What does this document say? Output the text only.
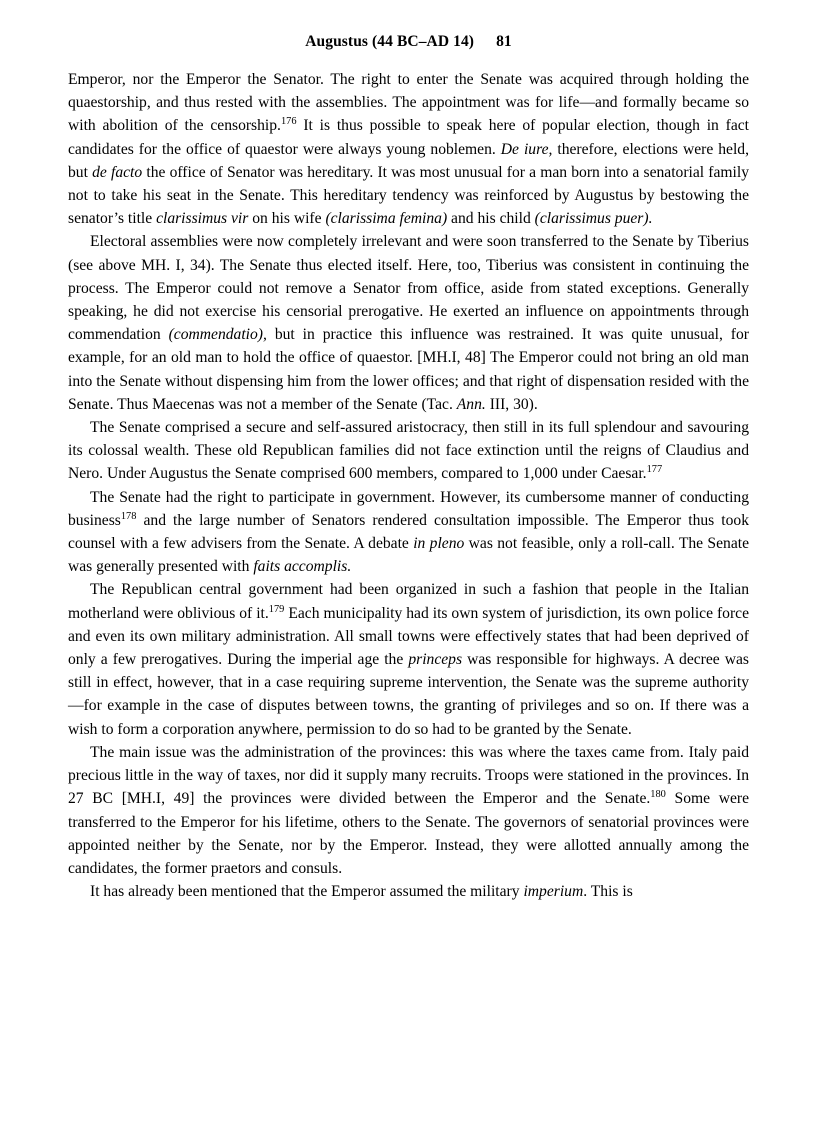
Augustus (44 BC–AD 14) 81

Emperor, nor the Emperor the Senator. The right to enter the Senate was acquired through holding the quaestorship, and thus rested with the assemblies. The appointment was for life—and formally became so with abolition of the censorship.$^{176}$ It is thus possible to speak here of popular election, though in fact candidates for the office of quaestor were always young noblemen. De iure, therefore, elections were held, but de facto the office of Senator was hereditary. It was most unusual for a man born into a senatorial family not to take his seat in the Senate. This hereditary tendency was reinforced by Augustus by bestowing the senator’s title clarissimus vir on his wife (clarissima femina) and his child (clarissimus puer).

Electoral assemblies were now completely irrelevant and were soon transferred to the Senate by Tiberius (see above MH. I, 34). The Senate thus elected itself. Here, too, Tiberius was consistent in continuing the process. The Emperor could not remove a Senator from office, aside from stated exceptions. Generally speaking, he did not exercise his censorial prerogative. He exerted an influence on appointments through commendation (commendatio), but in practice this influence was restrained. It was quite unusual, for example, for an old man to hold the office of quaestor. [MH.I, 48] The Emperor could not bring an old man into the Senate without dispensing him from the lower offices; and that right of dispensation resided with the Senate. Thus Maecenas was not a member of the Senate (Tac. Ann. III, 30).

The Senate comprised a secure and self-assured aristocracy, then still in its full splendour and savouring its colossal wealth. These old Republican families did not face extinction until the reigns of Claudius and Nero. Under Augustus the Senate comprised 600 members, compared to 1,000 under Caesar.$^{177}$

The Senate had the right to participate in government. However, its cumbersome manner of conducting business$^{178}$ and the large number of Senators rendered consultation impossible. The Emperor thus took counsel with a few advisers from the Senate. A debate in pleno was not feasible, only a roll-call. The Senate was generally presented with faits accomplis.

The Republican central government had been organized in such a fashion that people in the Italian motherland were oblivious of it.$^{179}$ Each municipality had its own system of jurisdiction, its own police force and even its own military administration. All small towns were effectively states that had been deprived of only a few prerogatives. During the imperial age the princeps was responsible for highways. A decree was still in effect, however, that in a case requiring supreme intervention, the Senate was the supreme authority—for example in the case of disputes between towns, the granting of privileges and so on. If there was a wish to form a corporation anywhere, permission to do so had to be granted by the Senate.

The main issue was the administration of the provinces: this was where the taxes came from. Italy paid precious little in the way of taxes, nor did it supply many recruits. Troops were stationed in the provinces. In 27 BC [MH.I, 49] the provinces were divided between the Emperor and the Senate.$^{180}$ Some were transferred to the Emperor for his lifetime, others to the Senate. The governors of senatorial provinces were appointed neither by the Senate, nor by the Emperor. Instead, they were allotted annually among the candidates, the former praetors and consuls.

It has already been mentioned that the Emperor assumed the military imperium. This is
